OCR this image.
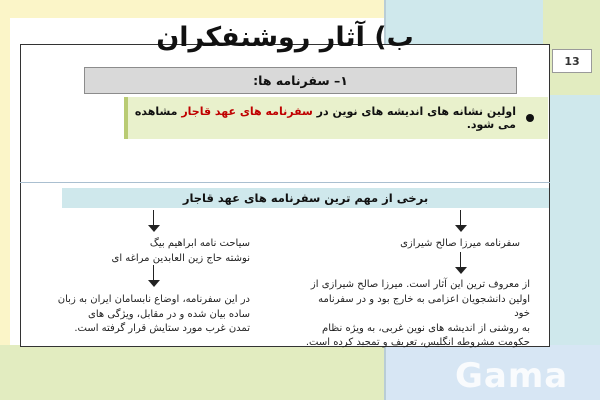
13
ب) آثار روشنفکران
۱– سفرنامه ها:
اولین نشانه های اندیشه های نوین در سفرنامه های عهد قاجار مشاهده می شود.
برخی از مهم ترین سفرنامه های عهد قاجار
سفرنامه میرزا صالح شیرازی
از معروف ترین این آثار است. میرزا صالح شیرازی از
اولین دانشجویان اعزامی به خارج بود و در سفرنامه خود
به روشنی از اندیشه های نوین غربی، به ویژه نظام
حکومت مشروطه انگلیس، تعریف و تمجید کرده است.
سیاحت نامه ابراهیم بیگ
نوشته حاج زین العابدین مراغه ای
در این سفرنامه، اوضاع نابسامان ایران به زبان
ساده بیان شده و در مقابل، ویژگی های
تمدن غرب مورد ستایش قرار گرفته است.
Gama
